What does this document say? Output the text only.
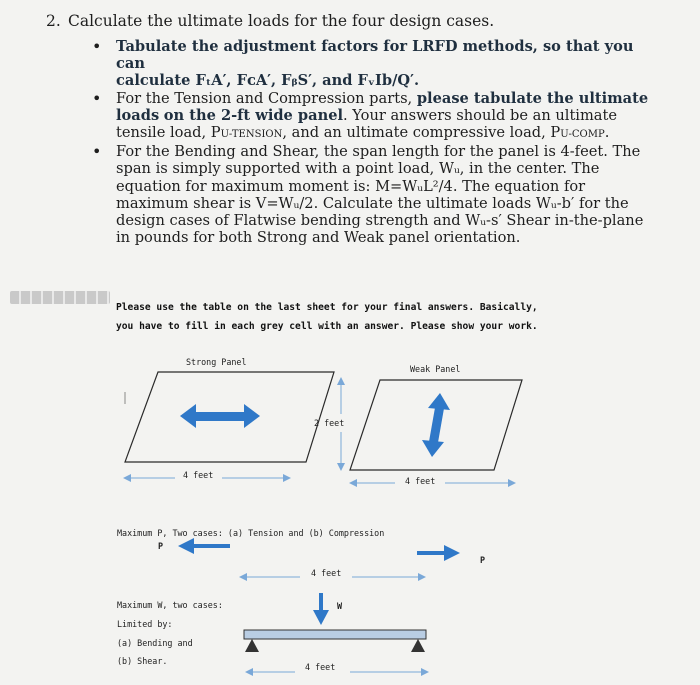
2. Calculate the ultimate loads for the four design cases.
• Tabulate the adjustment factors for LRFD methods, so that you can
calculate FₜA′, FᴄA′, FᵦS′, and FᵥIb/Q′.
• For the Tension and Compression parts, please tabulate the ultimate loads on the 2-ft wide panel. Your answers should be an ultimate tensile load, PU-TENSION, and an ultimate compressive load, PU-COMP.
• For the Bending and Shear, the span length for the panel is 4-feet. The span is simply supported with a point load, Wᵤ, in the center. The equation for maximum moment is: M=WᵤL²/4. The equation for maximum shear is V=Wᵤ/2. Calculate the ultimate loads Wᵤ-b′ for the design cases of Flatwise bending strength and Wᵤ-s′ Shear in-the-plane in pounds for both Strong and Weak panel orientation.
Please use the table on the last sheet for your final answers. Basically,
you have to fill in each grey cell with an answer. Please show your work.
Strong Panel
Weak Panel
2 feet
4 feet
4 feet
Maximum P, Two cases: (a) Tension and (b) Compression
P
P
4 feet
Maximum W, two cases:
Limited by:
(a) Bending and
(b) Shear.
W
4 feet
